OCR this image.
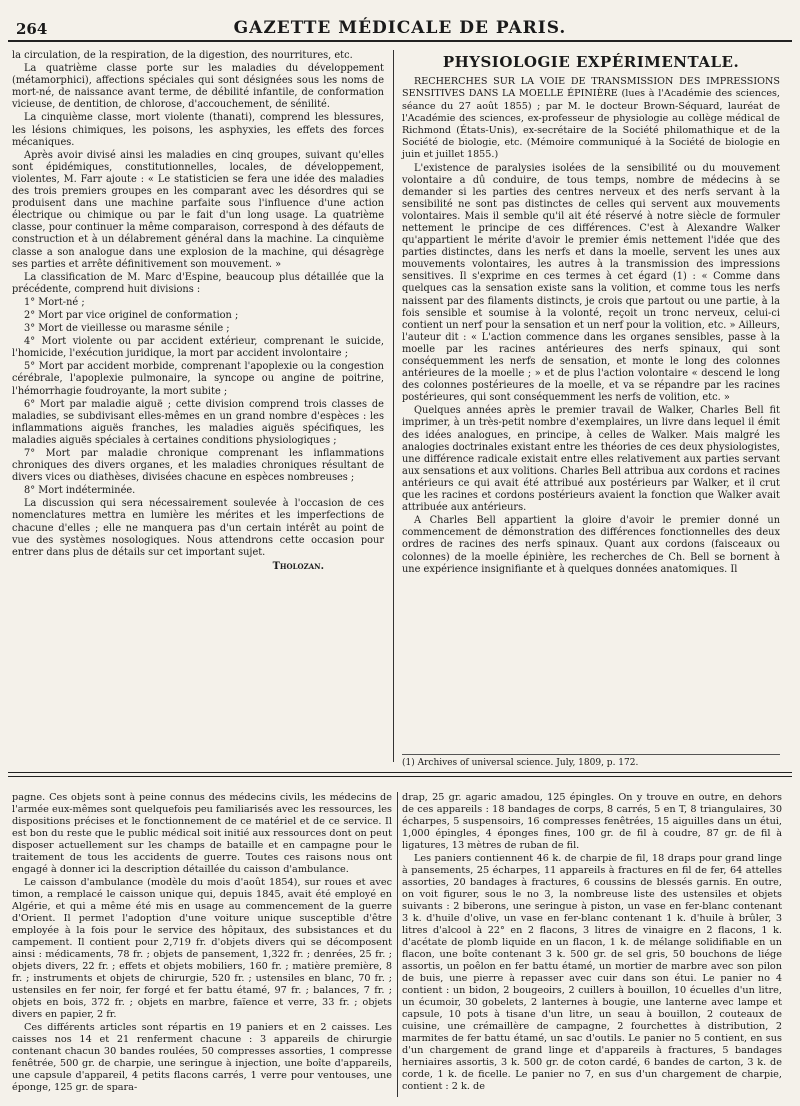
264	GAZETTE MÉDICALE DE PARIS.

la circulation, de la respiration, de la digestion, des nourritures, etc.

La quatrième classe porte sur les maladies du développement (métamorphici), affections spéciales qui sont désignées sous les noms de mort-né, de naissance avant terme, de débilité infantile, de conformation vicieuse, de dentition, de chlorose, d'accouchement, de sénilité.

La cinquième classe, mort violente (thanati), comprend les blessures, les lésions chimiques, les poisons, les asphyxies, les effets des forces mécaniques.

Après avoir divisé ainsi les maladies en cinq groupes, suivant qu'elles sont épidémiques, constitutionnelles, locales, de développement, violentes, M. Farr ajoute : « Le statisticien se fera une idée des maladies des trois premiers groupes en les comparant avec les désordres qui se produisent dans une machine parfaite sous l'influence d'une action électrique ou chimique ou par le fait d'un long usage. La quatrième classe, pour continuer la même comparaison, correspond à des défauts de construction et à un délabrement général dans la machine. La cinquième classe a son analogue dans une explosion de la machine, qui désagrège ses parties et arrête définitivement son mouvement. »

La classification de M. Marc d'Espine, beaucoup plus détaillée que la précédente, comprend huit divisions :

1° Mort-né ;

2° Mort par vice originel de conformation ;

3° Mort de vieillesse ou marasme sénile ;

4° Mort violente ou par accident extérieur, comprenant le suicide, l'homicide, l'exécution juridique, la mort par accident involontaire ;

5° Mort par accident morbide, comprenant l'apoplexie ou la congestion cérébrale, l'apoplexie pulmonaire, la syncope ou angine de poitrine, l'hémorrhagie foudroyante, la mort subite ;

6° Mort par maladie aiguë ; cette division comprend trois classes de maladies, se subdivisant elles-mêmes en un grand nombre d'espèces : les inflammations aiguës franches, les maladies aiguës spécifiques, les maladies aiguës spéciales à certaines conditions physiologiques ;

7° Mort par maladie chronique comprenant les inflammations chroniques des divers organes, et les maladies chroniques résultant de divers vices ou diathèses, divisées chacune en espèces nombreuses ;

8° Mort indéterminée.

La discussion qui sera nécessairement soulevée à l'occasion de ces nomenclatures mettra en lumière les mérites et les imperfections de chacune d'elles ; elle ne manquera pas d'un certain intérêt au point de vue des systèmes nosologiques. Nous attendrons cette occasion pour entrer dans plus de détails sur cet important sujet.

Tholozan.
PHYSIOLOGIE EXPÉRIMENTALE.

RECHERCHES SUR LA VOIE DE TRANSMISSION DES IMPRESSIONS SENSITIVES DANS LA MOELLE ÉPINIÈRE (lues à l'Académie des sciences, séance du 27 août 1855) ; par M. le docteur Brown-Séquard, lauréat de l'Académie des sciences, ex-professeur de physiologie au collège médical de Richmond (États-Unis), ex-secrétaire de la Société philomathique et de la Société de biologie, etc. (Mémoire communiqué à la Société de biologie en juin et juillet 1855.)

L'existence de paralysies isolées de la sensibilité ou du mouvement volontaire a dû conduire, de tous temps, nombre de médecins à se demander si les parties des centres nerveux et des nerfs servant à la sensibilité ne sont pas distinctes de celles qui servent aux mouvements volontaires. Mais il semble qu'il ait été réservé à notre siècle de formuler nettement le principe de ces différences. C'est à Alexandre Walker qu'appartient le mérite d'avoir le premier émis nettement l'idée que des parties distinctes, dans les nerfs et dans la moelle, servent les unes aux mouvements volontaires, les autres à la transmission des impressions sensitives. Il s'exprime en ces termes à cet égard (1) : « Comme dans quelques cas la sensation existe sans la volition, et comme tous les nerfs naissent par des filaments distincts, je crois que partout ou une partie, à la fois sensible et soumise à la volonté, reçoit un tronc nerveux, celui-ci contient un nerf pour la sensation et un nerf pour la volition, etc. » Ailleurs, l'auteur dit : « L'action commence dans les organes sensibles, passe à la moelle par les racines antérieures des nerfs spinaux, qui sont conséquemment les nerfs de sensation, et monte le long des colonnes antérieures de la moelle ; » et de plus l'action volontaire « descend le long des colonnes postérieures de la moelle, et va se répandre par les racines postérieures, qui sont conséquemment les nerfs de volition, etc. »

Quelques années après le premier travail de Walker, Charles Bell fit imprimer, à un très-petit nombre d'exemplaires, un livre dans lequel il émit des idées analogues, en principe, à celles de Walker. Mais malgré les analogies doctrinales existant entre les théories de ces deux physiologistes, une différence radicale existait entre elles relativement aux parties servant aux sensations et aux volitions. Charles Bell attribua aux cordons et racines antérieurs ce qui avait été attribué aux postérieurs par Walker, et il crut que les racines et cordons postérieurs avaient la fonction que Walker avait attribuée aux antérieurs.

A Charles Bell appartient la gloire d'avoir le premier donné un commencement de démonstration des différences fonctionnelles des deux ordres de racines des nerfs spinaux. Quant aux cordons (faisceaux ou colonnes) de la moelle épinière, les recherches de Ch. Bell se bornent à une expérience insignifiante et à quelques données anatomiques. Il

(1) Archives of universal science. July, 1809, p. 172.

pagne. Ces objets sont à peine connus des médecins civils, les médecins de l'armée eux-mêmes sont quelquefois peu familiarisés avec les ressources, les dispositions précises et le fonctionnement de ce matériel et de ce service. Il est bon du reste que le public médical soit initié aux ressources dont on peut disposer actuellement sur les champs de bataille et en campagne pour le traitement de tous les accidents de guerre. Toutes ces raisons nous ont engagé à donner ici la description détaillée du caisson d'ambulance.

Le caisson d'ambulance (modèle du mois d'août 1854), sur roues et avec timon, a remplacé le caisson unique qui, depuis 1845, avait été employé en Algérie, et qui a même été mis en usage au commencement de la guerre d'Orient. Il permet l'adoption d'une voiture unique susceptible d'être employée à la fois pour le service des hôpitaux, des subsistances et du campement. Il contient pour 2,719 fr. d'objets divers qui se décomposent ainsi : médicaments, 78 fr. ; objets de pansement, 1,322 fr. ; denrées, 25 fr. ; objets divers, 22 fr. ; effets et objets mobiliers, 160 fr. ; matière première, 8 fr. ; instruments et objets de chirurgie, 520 fr. ; ustensiles en blanc, 70 fr. ; ustensiles en fer noir, fer forgé et fer battu étamé, 97 fr. ; balances, 7 fr. ; objets en bois, 372 fr. ; objets en marbre, faïence et verre, 33 fr. ; objets divers en papier, 2 fr.

Ces différents articles sont répartis en 19 paniers et en 2 caisses. Les caisses nos 14 et 21 renferment chacune : 3 appareils de chirurgie contenant chacun 30 bandes roulées, 50 compresses assorties, 1 compresse fenêtrée, 500 gr. de charpie, une seringue à injection, une boîte d'appareils, une capsule d'appareil, 4 petits flacons carrés, 1 verre pour ventouses, une éponge, 125 gr. de spara-

drap, 25 gr. agaric amadou, 125 épingles. On y trouve en outre, en dehors de ces appareils : 18 bandages de corps, 8 carrés, 5 en T, 8 triangulaires, 30 écharpes, 5 suspensoirs, 16 compresses fenêtrées, 15 aiguilles dans un étui, 1,000 épingles, 4 éponges fines, 100 gr. de fil à coudre, 87 gr. de fil à ligatures, 13 mètres de ruban de fil.

Les paniers contiennent 46 k. de charpie de fil, 18 draps pour grand linge à pansements, 25 écharpes, 11 appareils à fractures en fil de fer, 64 attelles assorties, 20 bandages à fractures, 6 coussins de blessés garnis. En outre, on voit figurer, sous le no 3, la nombreuse liste des ustensiles et objets suivants : 2 biberons, une seringue à piston, un vase en fer-blanc contenant 3 k. d'huile d'olive, un vase en fer-blanc contenant 1 k. d'huile à brûler, 3 litres d'alcool à 22° en 2 flacons, 3 litres de vinaigre en 2 flacons, 1 k. d'acétate de plomb liquide en un flacon, 1 k. de mélange solidifiable en un flacon, une boîte contenant 3 k. 500 gr. de sel gris, 50 bouchons de liége assortis, un poêlon en fer battu étamé, un mortier de marbre avec son pilon de buis, une pierre à repasser avec cuir dans son étui. Le panier no 4 contient : un bidon, 2 bougeoirs, 2 cuillers à bouillon, 10 écuelles d'un litre, un écumoir, 30 gobelets, 2 lanternes à bougie, une lanterne avec lampe et capsule, 10 pots à tisane d'un litre, un seau à bouillon, 2 couteaux de cuisine, une crémaillère de campagne, 2 fourchettes à distribution, 2 marmites de fer battu étamé, un sac d'outils. Le panier no 5 contient, en sus d'un chargement de grand linge et d'appareils à fractures, 5 bandages herniaires assortis, 3 k. 500 gr. de coton cardé, 6 bandes de carton, 3 k. de corde, 1 k. de ficelle. Le panier no 7, en sus d'un chargement de charpie, contient : 2 k. de
